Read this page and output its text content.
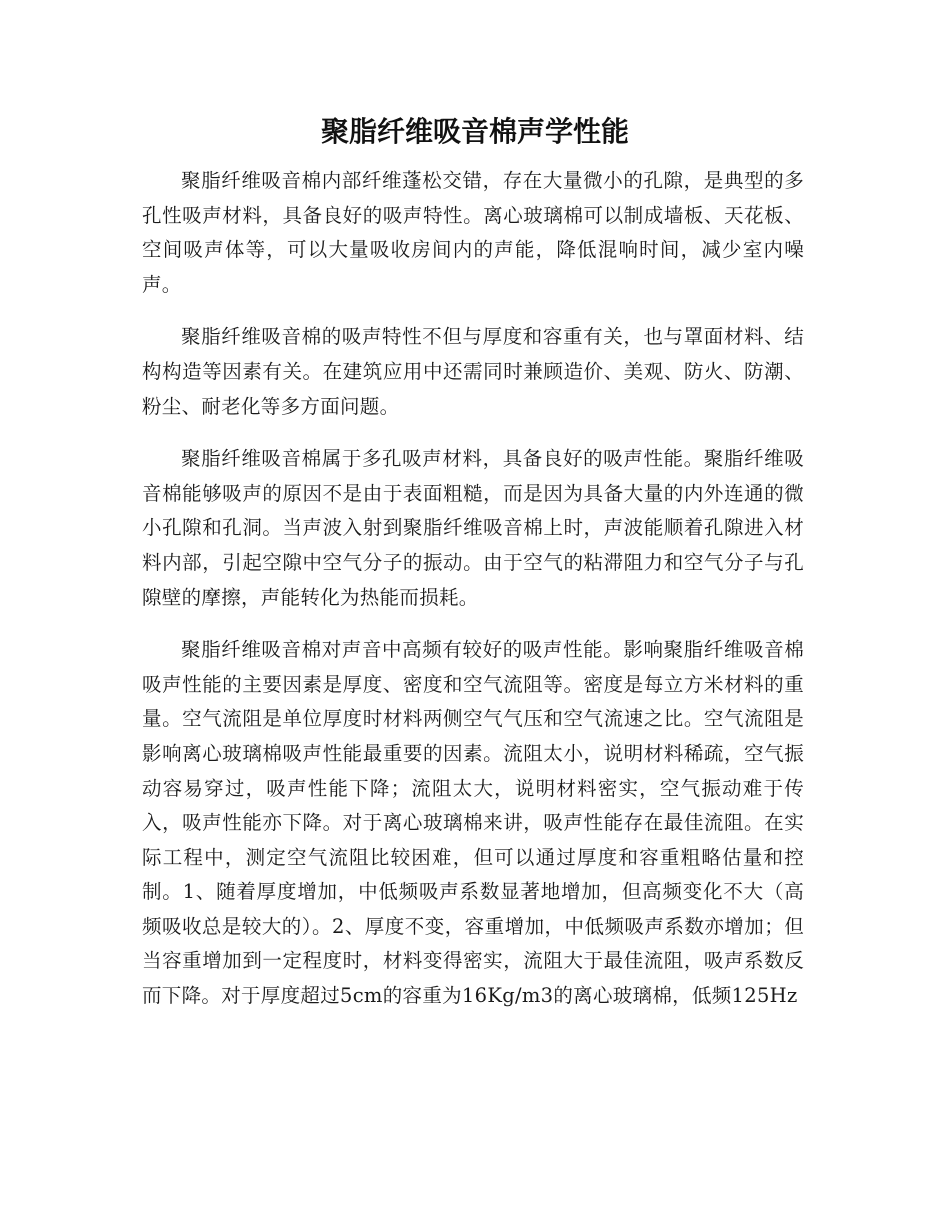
聚脂纤维吸音棉声学性能

聚脂纤维吸音棉内部纤维蓬松交错，存在大量微小的孔隙，是典型的多孔性吸声材料，具备良好的吸声特性。离心玻璃棉可以制成墙板、天花板、空间吸声体等，可以大量吸收房间内的声能，降低混响时间，减少室内噪声。

聚脂纤维吸音棉的吸声特性不但与厚度和容重有关，也与罩面材料、结构构造等因素有关。在建筑应用中还需同时兼顾造价、美观、防火、防潮、粉尘、耐老化等多方面问题。

聚脂纤维吸音棉属于多孔吸声材料，具备良好的吸声性能。聚脂纤维吸音棉能够吸声的原因不是由于表面粗糙，而是因为具备大量的内外连通的微小孔隙和孔洞。当声波入射到聚脂纤维吸音棉上时，声波能顺着孔隙进入材料内部，引起空隙中空气分子的振动。由于空气的粘滞阻力和空气分子与孔隙壁的摩擦，声能转化为热能而损耗。

聚脂纤维吸音棉对声音中高频有较好的吸声性能。影响聚脂纤维吸音棉吸声性能的主要因素是厚度、密度和空气流阻等。密度是每立方米材料的重量。空气流阻是单位厚度时材料两侧空气气压和空气流速之比。空气流阻是影响离心玻璃棉吸声性能最重要的因素。流阻太小，说明材料稀疏，空气振动容易穿过，吸声性能下降；流阻太大，说明材料密实，空气振动难于传入，吸声性能亦下降。对于离心玻璃棉来讲，吸声性能存在最佳流阻。在实际工程中，测定空气流阻比较困难，但可以通过厚度和容重粗略估量和控制。1、随着厚度增加，中低频吸声系数显著地增加，但高频变化不大（高频吸收总是较大的）。2、厚度不变，容重增加，中低频吸声系数亦增加；但当容重增加到一定程度时，材料变得密实，流阻大于最佳流阻，吸声系数反而下降。对于厚度超过5cm的容重为16Kg/m3的离心玻璃棉，低频125Hz
